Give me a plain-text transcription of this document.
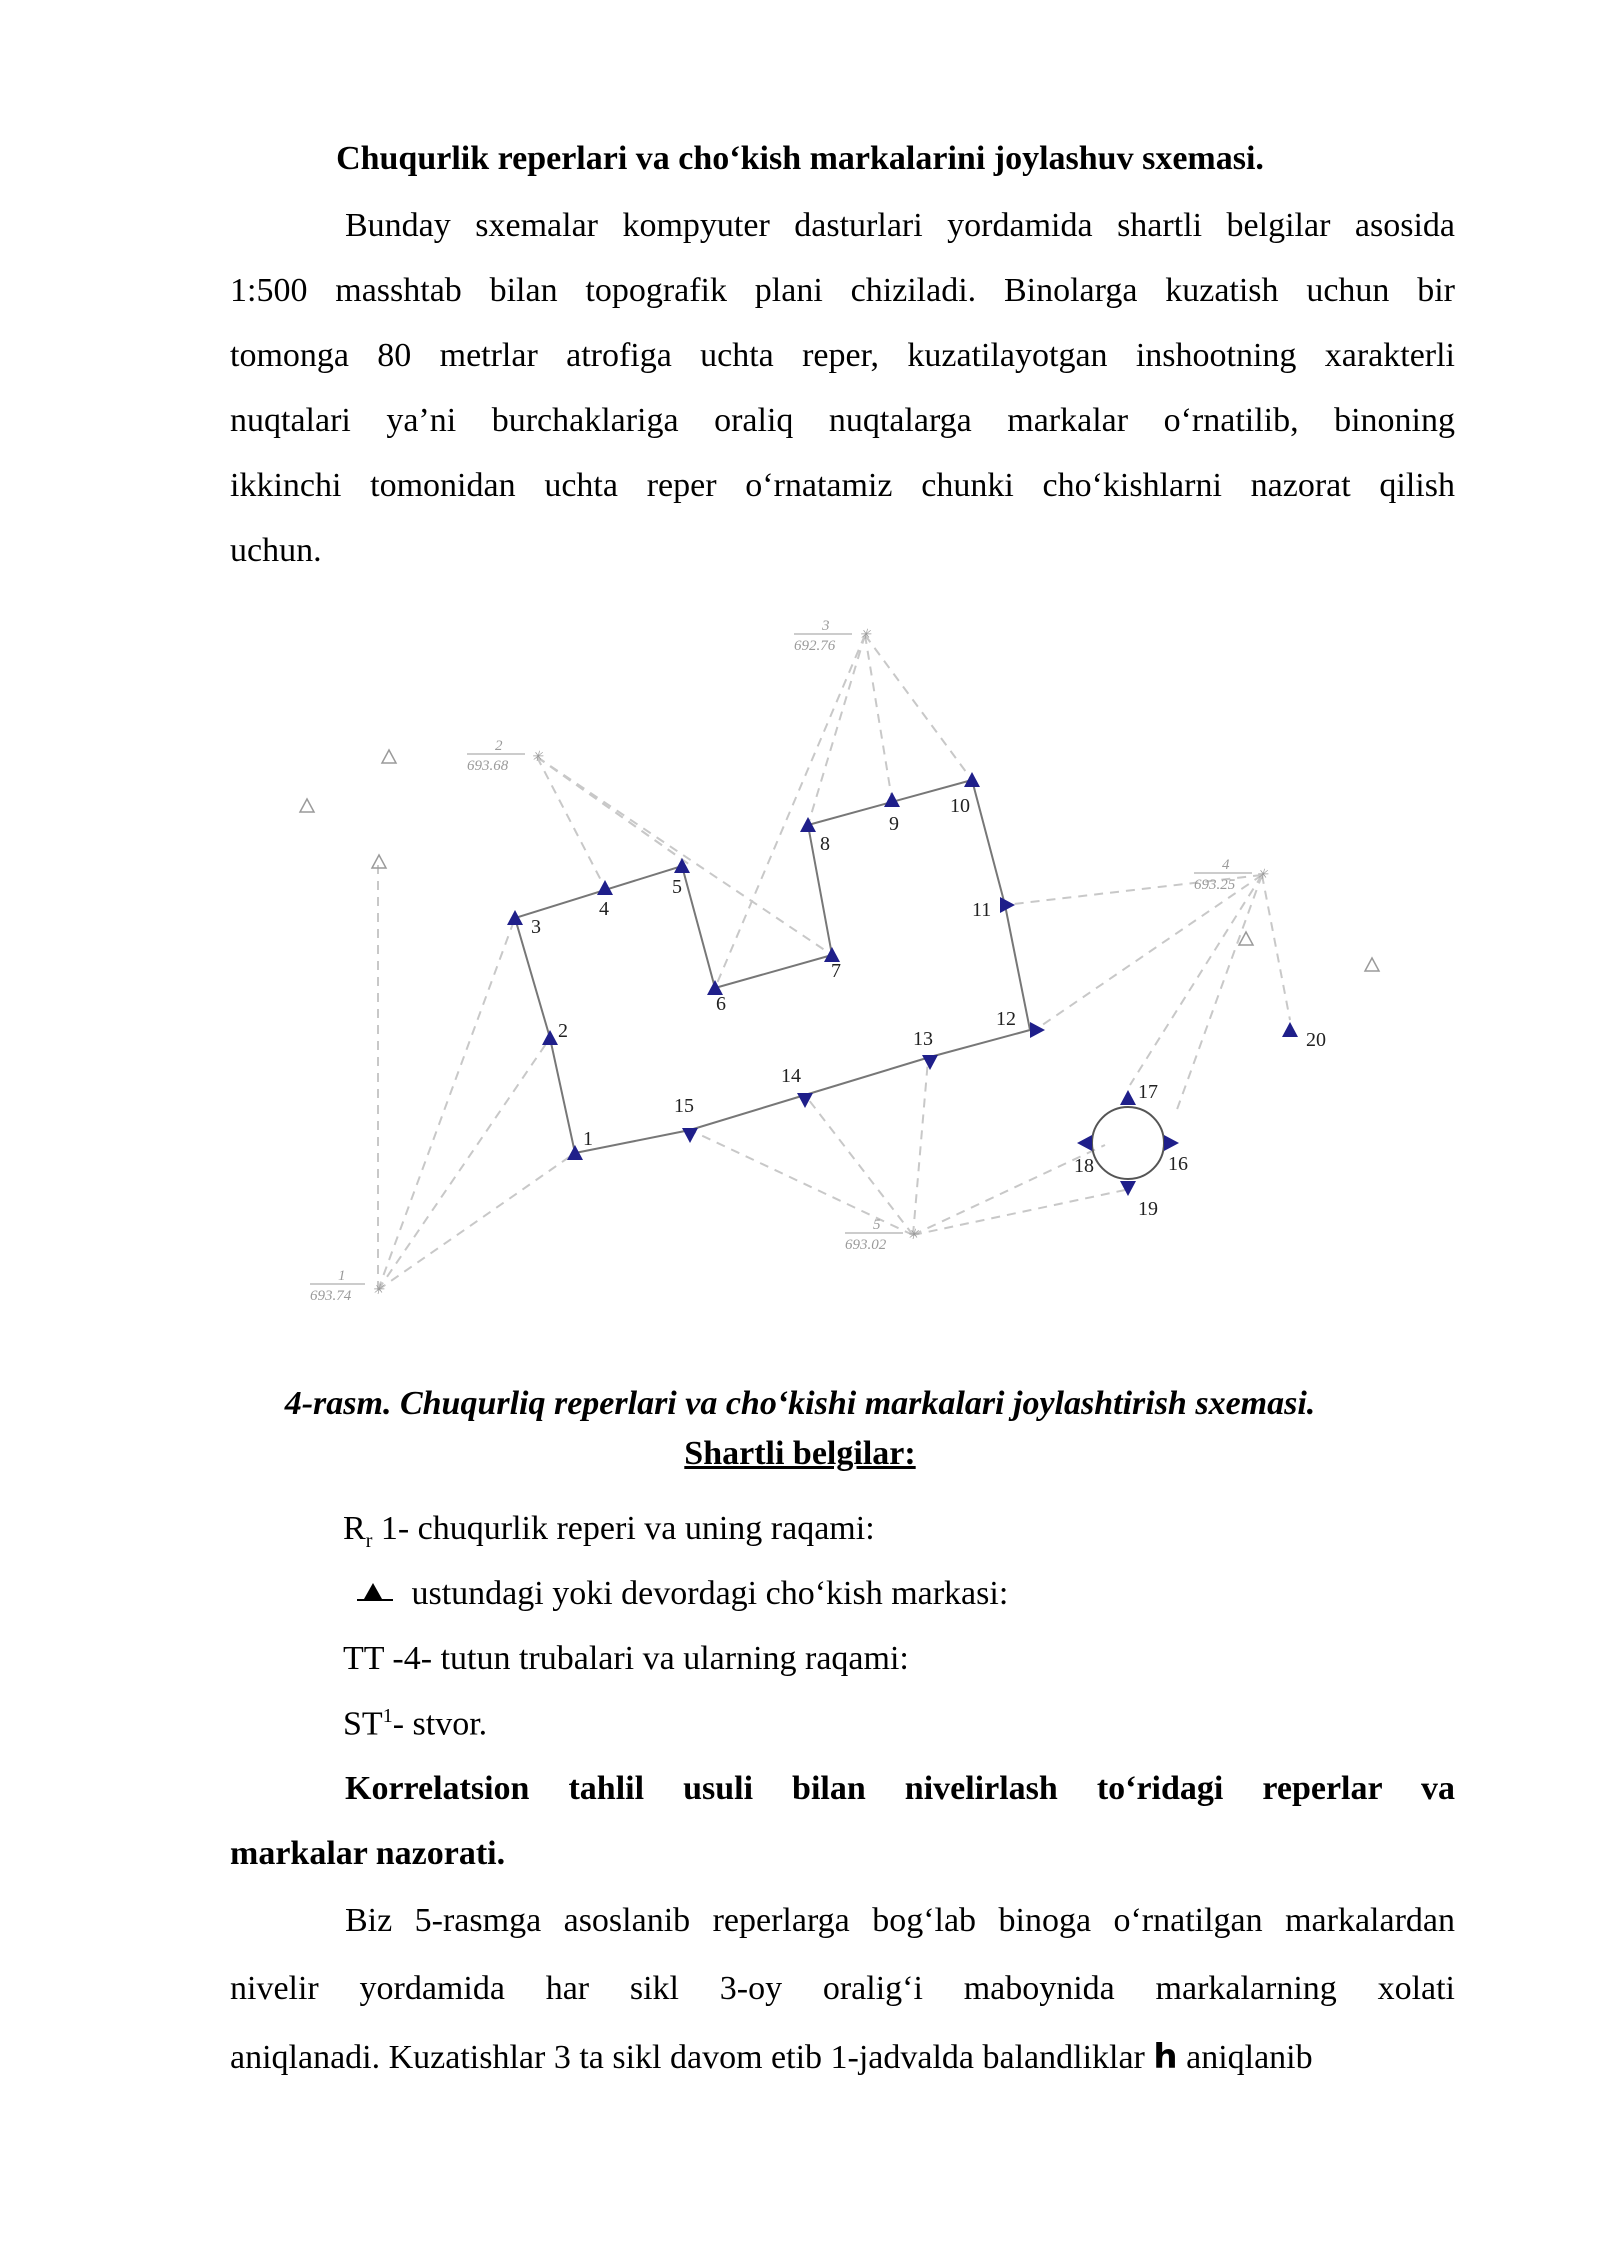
Chuqurlik reperlari va cho‘kish markalarini joylashuv sxemasi.
Bunday sxemalar kompyuter dasturlari yordamida shartli belgilar asosida
1:500 masshtab bilan topografik plani chiziladi. Binolarga kuzatish uchun bir
tomonga 80 metrlar atrofiga uchta reper, kuzatilayotgan inshootning xarakterli
nuqtalari ya’ni burchaklariga oraliq nuqtalarga markalar o‘rnatilib, binoning
ikkinchi tomonidan uchta reper o‘rnatamiz chunki cho‘kishlarni nazorat qilish
uchun.
1
2
3
4
5
6
7
8
9
10
11
12
13
14
15
16
17
18
19
20
✳
1
693.74
✳
2
693.68
✳
3
692.76
✳
4
693.25
✳
5
693.02
4-rasm. Chuqurliq reperlari va cho‘kishi markalari joylashtirish sxemasi.
Shartli belgilar:
$R_r$ 1- chuqurlik reperi va uning raqami:
ustundagi yoki devordagi cho‘kish markasi:
TT -4- tutun trubalari va ularning raqami:
$ST^1-$ stvor.
Korrelatsion tahlil usuli bilan nivelirlash to‘ridagi reperlar va
markalar nazorati.
Biz 5-rasmga asoslanib reperlarga bog‘lab binoga o‘rnatilgan markalardan
nivelir yordamida har sikl 3-oy oralig‘i maboynida markalarning xolati
aniqlanadi. Kuzatishlar 3 ta sikl davom etib 1-jadvalda balandliklar h aniqlanib
